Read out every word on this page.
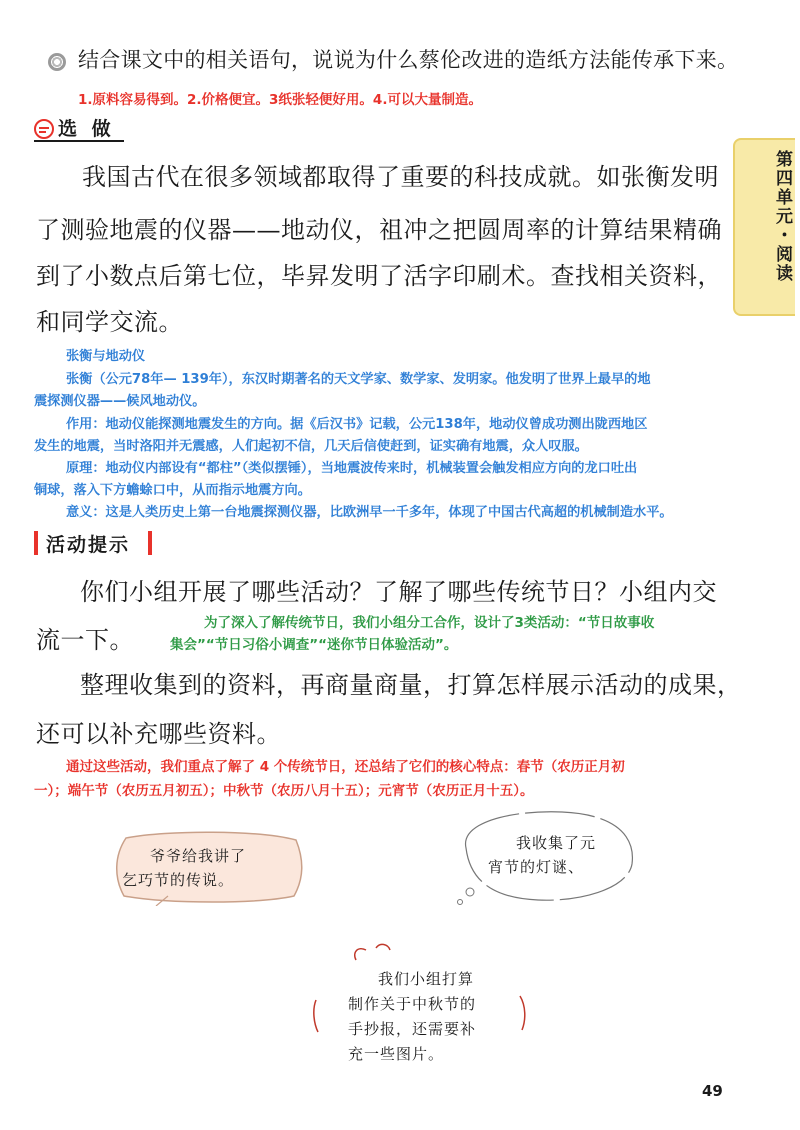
结合课文中的相关语句，说说为什么蔡伦改进的造纸方法能传承下来。
1.原料容易得到。2.价格便宜。3纸张轻便好用。4.可以大量制造。
选 做
第四单元・阅读
我国古代在很多领域都取得了重要的科技成就。如张衡发明
了测验地震的仪器——地动仪，祖冲之把圆周率的计算结果精确
到了小数点后第七位，毕昇发明了活字印刷术。查找相关资料，
和同学交流。
张衡与地动仪
张衡（公元78年— 139年），东汉时期著名的天文学家、数学家、发明家。他发明了世界上最早的地
震探测仪器——候风地动仪。
作用：地动仪能探测地震发生的方向。据《后汉书》记载，公元138年，地动仪曾成功测出陇西地区
发生的地震，当时洛阳并无震感，人们起初不信，几天后信使赶到，证实确有地震，众人叹服。
原理：地动仪内部设有“都柱”（类似摆锤），当地震波传来时，机械装置会触发相应方向的龙口吐出
铜球，落入下方蟾蜍口中，从而指示地震方向。
意义：这是人类历史上第一台地震探测仪器，比欧洲早一千多年，体现了中国古代高超的机械制造水平。
活动提示
你们小组开展了哪些活动？了解了哪些传统节日？小组内交
流一下。
为了深入了解传统节日，我们小组分工合作，设计了3类活动：“节日故事收
集会”“节日习俗小调查”“迷你节日体验活动”。
整理收集到的资料，再商量商量，打算怎样展示活动的成果，
还可以补充哪些资料。
通过这些活动，我们重点了解了 4 个传统节日，还总结了它们的核心特点：春节（农历正月初
一）；端午节（农历五月初五）；中秋节（农历八月十五）；元宵节（农历正月十五）。
爷爷给我讲了
乞巧节的传说。
我收集了元
宵节的灯谜、
我们小组打算
制作关于中秋节的
手抄报，还需要补
充一些图片。
49
